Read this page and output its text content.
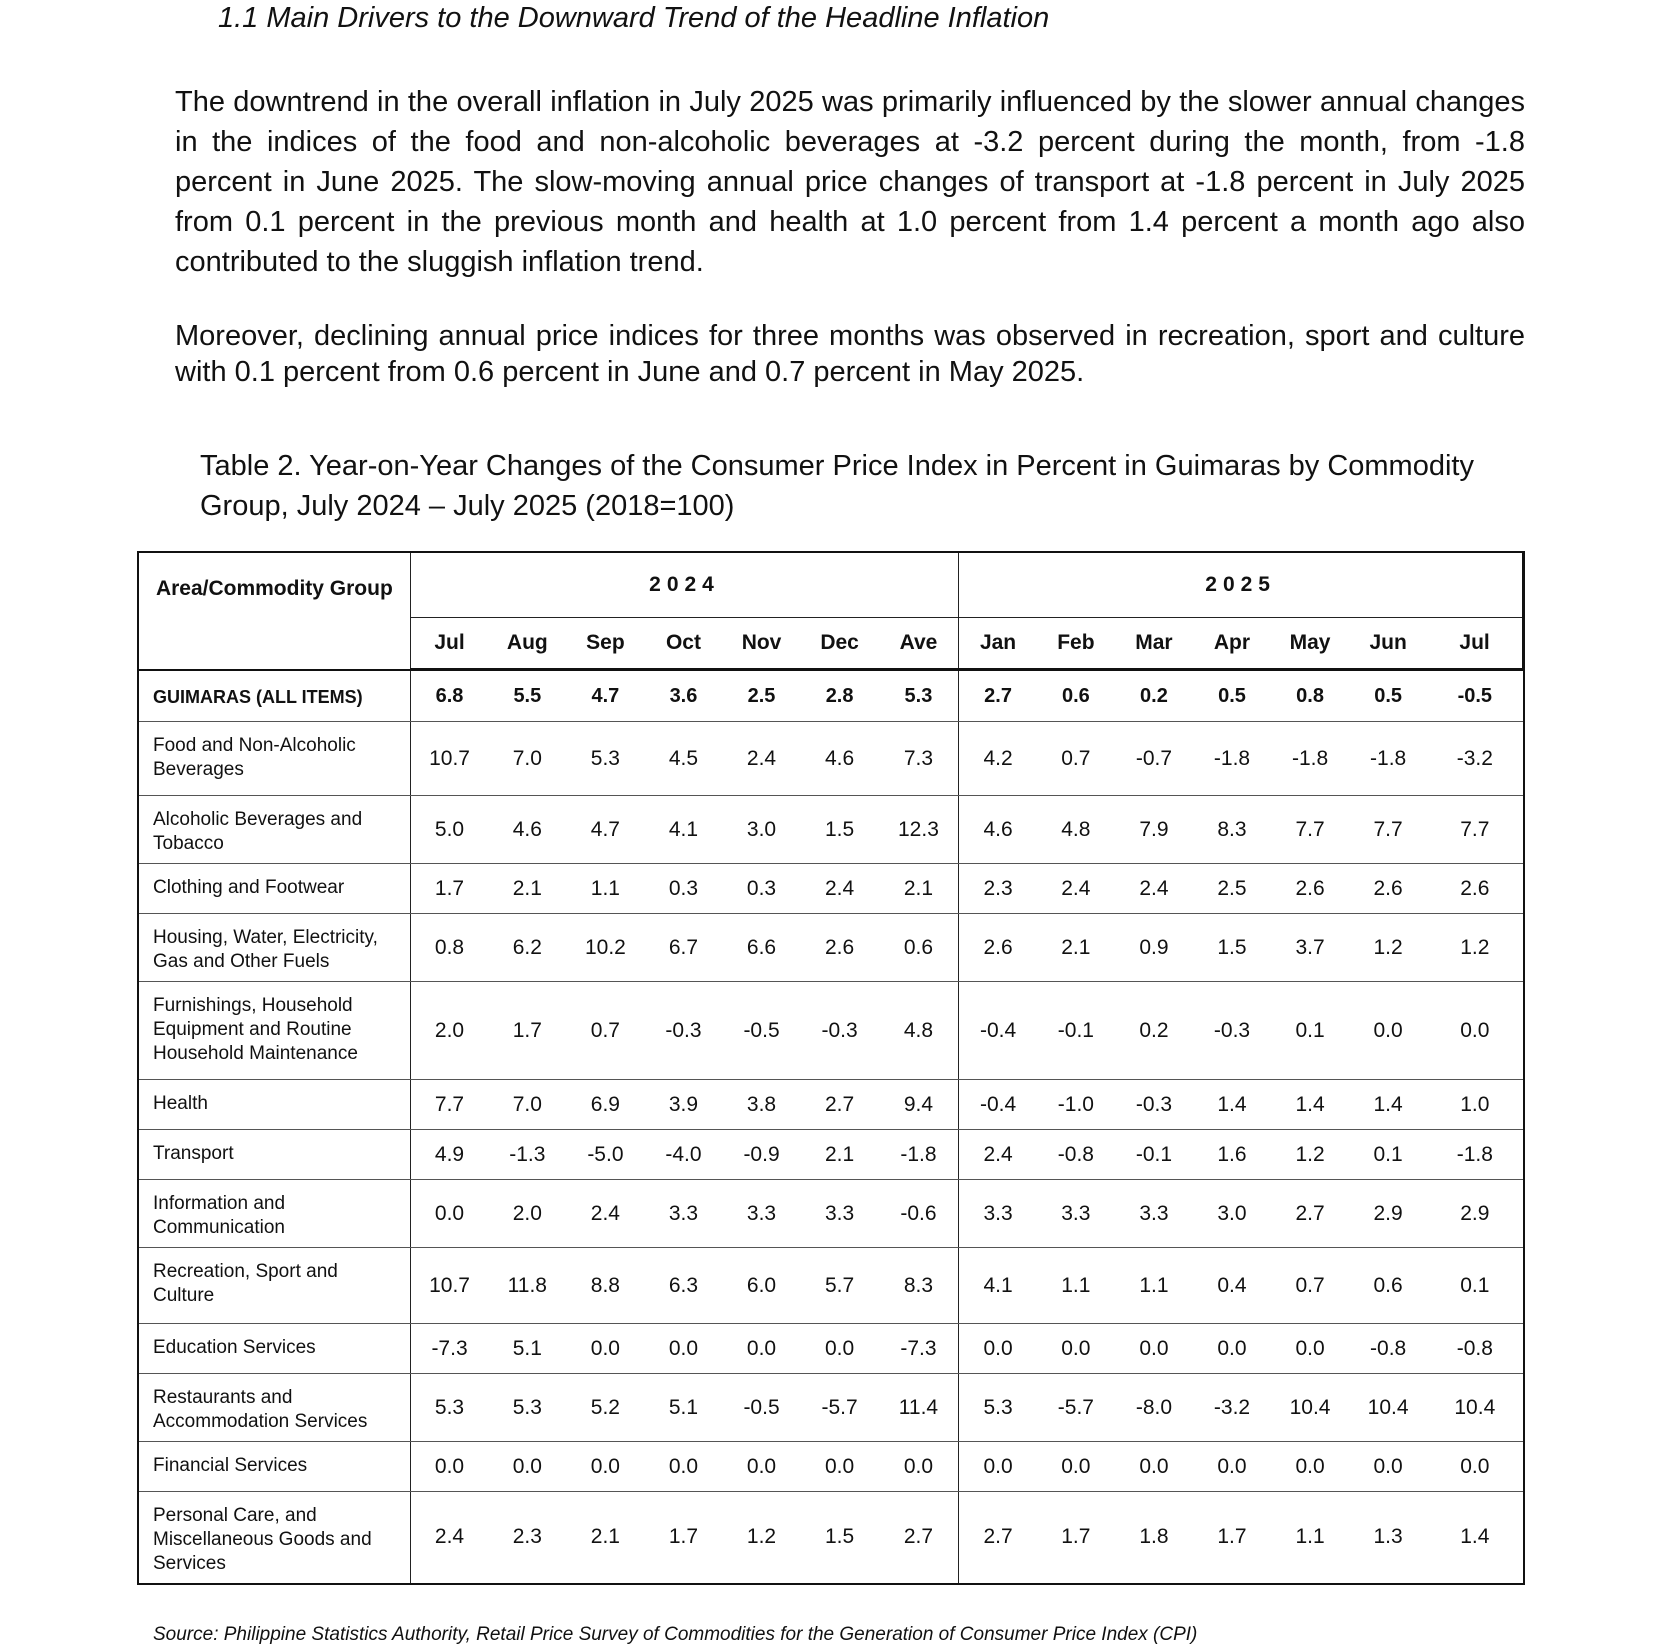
1.1 Main Drivers to the Downward Trend of the Headline Inflation
The downtrend in the overall inflation in July 2025 was primarily influenced by the slower annual changes in the indices of the food and non-alcoholic beverages at -3.2 percent during the month, from -1.8 percent in June 2025. The slow-moving annual price changes of transport at -1.8 percent in July 2025 from 0.1 percent in the previous month and health at 1.0 percent from 1.4 percent a month ago also contributed to the sluggish inflation trend.
Moreover, declining annual price indices for three months was observed in recreation, sport and culture with 0.1 percent from 0.6 percent in June and 0.7 percent in May 2025.
Table 2. Year-on-Year Changes of the Consumer Price Index in Percent in Guimaras by Commodity Group, July 2024 – July 2025 (2018=100)
Area/Commodity Group	2024							2025						
	Jul	Aug	Sep	Oct	Nov	Dec	Ave	Jan	Feb	Mar	Apr	May	Jun	Jul
GUIMARAS (ALL ITEMS)	6.8	5.5	4.7	3.6	2.5	2.8	5.3	2.7	0.6	0.2	0.5	0.8	0.5	-0.5
Food and Non-Alcoholic Beverages	10.7	7.0	5.3	4.5	2.4	4.6	7.3	4.2	0.7	-0.7	-1.8	-1.8	-1.8	-3.2
Alcoholic Beverages and Tobacco	5.0	4.6	4.7	4.1	3.0	1.5	12.3	4.6	4.8	7.9	8.3	7.7	7.7	7.7
Clothing and Footwear	1.7	2.1	1.1	0.3	0.3	2.4	2.1	2.3	2.4	2.4	2.5	2.6	2.6	2.6
Housing, Water, Electricity, Gas and Other Fuels	0.8	6.2	10.2	6.7	6.6	2.6	0.6	2.6	2.1	0.9	1.5	3.7	1.2	1.2
Furnishings, Household Equipment and Routine Household Maintenance	2.0	1.7	0.7	-0.3	-0.5	-0.3	4.8	-0.4	-0.1	0.2	-0.3	0.1	0.0	0.0
Health	7.7	7.0	6.9	3.9	3.8	2.7	9.4	-0.4	-1.0	-0.3	1.4	1.4	1.4	1.0
Transport	4.9	-1.3	-5.0	-4.0	-0.9	2.1	-1.8	2.4	-0.8	-0.1	1.6	1.2	0.1	-1.8
Information and Communication	0.0	2.0	2.4	3.3	3.3	3.3	-0.6	3.3	3.3	3.3	3.0	2.7	2.9	2.9
Recreation, Sport and Culture	10.7	11.8	8.8	6.3	6.0	5.7	8.3	4.1	1.1	1.1	0.4	0.7	0.6	0.1
Education Services	-7.3	5.1	0.0	0.0	0.0	0.0	-7.3	0.0	0.0	0.0	0.0	0.0	-0.8	-0.8
Restaurants and Accommodation Services	5.3	5.3	5.2	5.1	-0.5	-5.7	11.4	5.3	-5.7	-8.0	-3.2	10.4	10.4	10.4
Financial Services	0.0	0.0	0.0	0.0	0.0	0.0	0.0	0.0	0.0	0.0	0.0	0.0	0.0	0.0
Personal Care, and Miscellaneous Goods and Services	2.4	2.3	2.1	1.7	1.2	1.5	2.7	2.7	1.7	1.8	1.7	1.1	1.3	1.4
Source: Philippine Statistics Authority, Retail Price Survey of Commodities for the Generation of Consumer Price Index (CPI)
